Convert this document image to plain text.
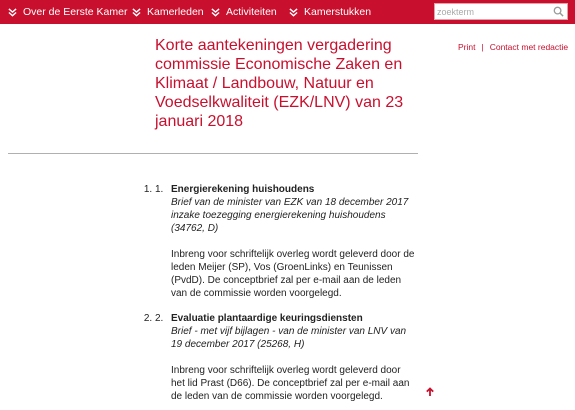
Over de Eerste Kamer Kamerleden Activiteiten	Kamerstukken
zoekterm
Korte aantekeningen vergadering commissie Economische Zaken en Klimaat / Landbouw, Natuur en Voedselkwaliteit (EZK/LNV) van 23 januari 2018
Print | Contact met redactie
1. 1. Energierekening huishoudens
Brief van de minister van EZK van 18 december 2017 inzake toezegging energierekening huishoudens (34762, D)
Inbreng voor schriftelijk overleg wordt geleverd door de leden Meijer (SP), Vos (GroenLinks) en Teunissen (PvdD). De conceptbrief zal per e-mail aan de leden van de commissie worden voorgelegd.
2. 2. Evaluatie plantaardige keuringsdiensten
Brief - met vijf bijlagen - van de minister van LNV van 19 december 2017 (25268, H)
Inbreng voor schriftelijk overleg wordt geleverd door het lid Prast (D66). De conceptbrief zal per e-mail aan de leden van de commissie worden voorgelegd.
